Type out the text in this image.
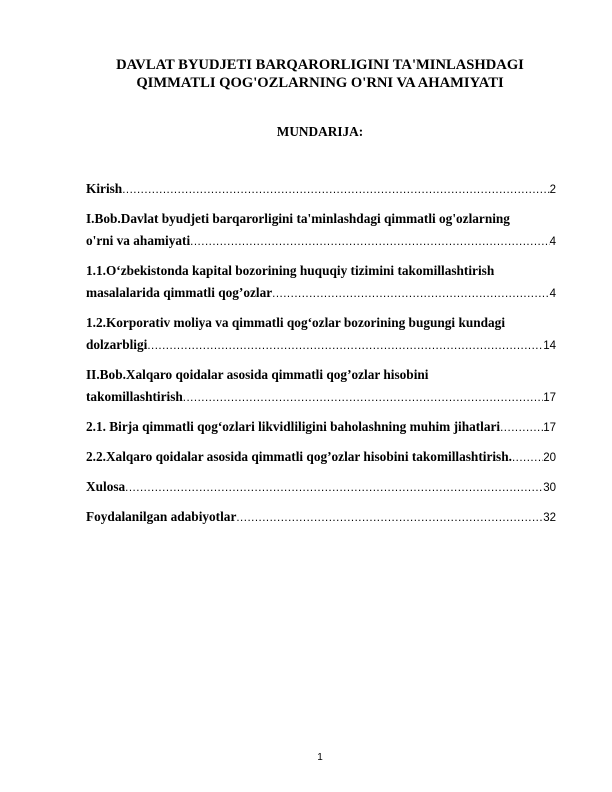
DAVLAT BYUDJETI BARQARORLIGINI TA'MINLASHDAGI
QIMMATLI QOG'OZLARNING O'RNI VA AHAMIYATI
MUNDARIJA:
Kirish .....	2
I.Bob.Davlat byudjeti barqarorligini ta'minlashdagi qimmatli og'ozlarning
o'rni va ahamiyati .....	4
1.1.O‘zbekistonda kapital bozorining huquqiy tizimini takomillashtirish
masalalarida qimmatli qog’ozlar .....	4
1.2.Korporativ moliya va qimmatli qog‘ozlar bozorining bugungi kundagi
dolzarbligi .....	14
II.Bob.Xalqaro qoidalar asosida qimmatli qog’ozlar hisobini
takomillashtirish .....	17
2.1. Birja qimmatli qog‘ozlari likvidliligini baholashning muhim jihatlari .....	17
2.2.Xalqaro qoidalar asosida qimmatli qog’ozlar hisobini takomillashtirish. .....	20
Xulosa .....	30
Foydalanilgan adabiyotlar .....	32
1
